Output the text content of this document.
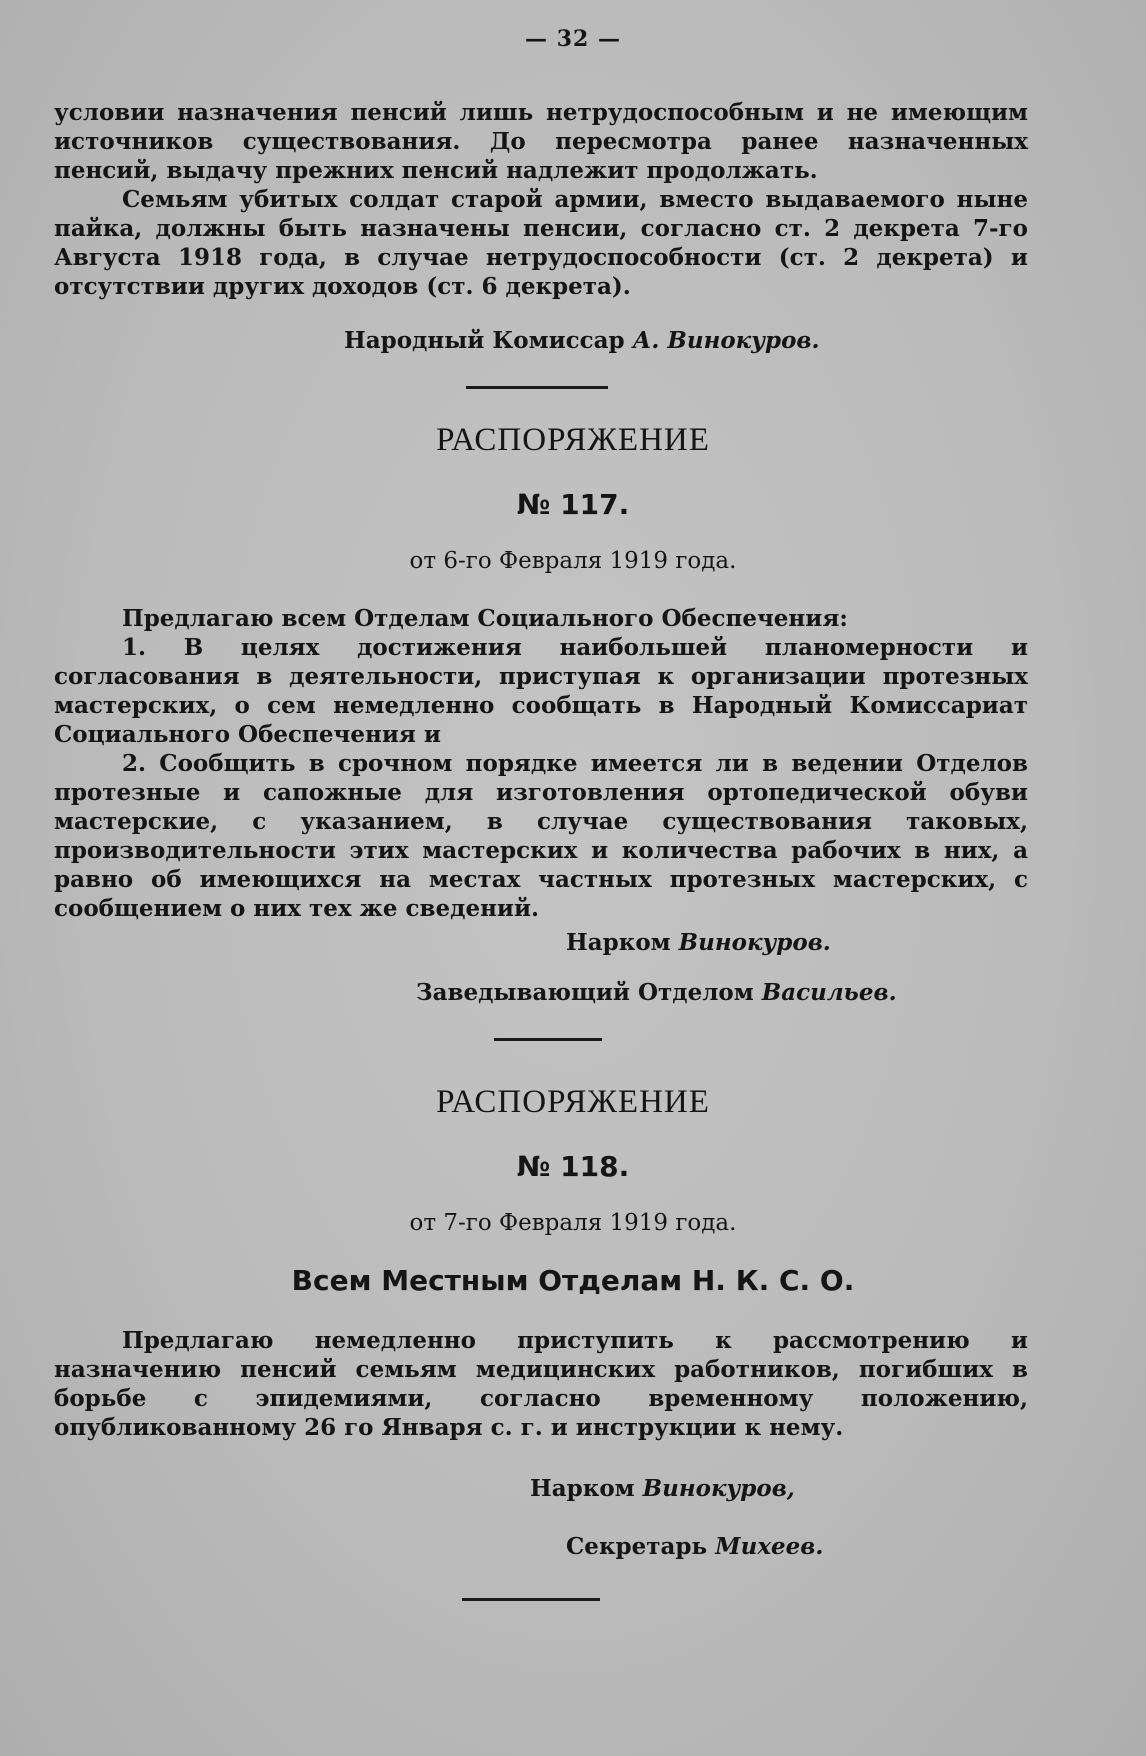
— 32 —

условии назначения пенсий лишь нетрудоспособным и не имеющим источников существования. До пересмотра ранее назначенных пенсий, выдачу прежних пенсий надлежит продолжать.

Семьям убитых солдат старой армии, вместо выдаваемого ныне пайка, должны быть назначены пенсии, согласно ст. 2 декрета 7-го Августа 1918 года, в случае нетрудоспособности (ст. 2 декрета) и отсутствии других доходов (ст. 6 декрета).

Народный Комиссар А. Винокуров.
РАСПОРЯЖЕНИЕ
№ 117.
от 6-го Февраля 1919 года.

Предлагаю всем Отделам Социального Обеспечения:

1. В целях достижения наибольшей планомерности и согласования в деятельности, приступая к организации протезных мастерских, о сем немедленно сообщать в Народный Комиссариат Социального Обеспечения и

2. Сообщить в срочном порядке имеется ли в ведении Отделов протезные и сапожные для изготовления ортопедической обуви мастерские, с указанием, в случае существования таковых, производительности этих мастерских и количества рабочих в них, а равно об имеющихся на местах частных протезных мастерских, с сообщением о них тех же сведений.

Нарком Винокуров.
Заведывающий Отделом Васильев.
РАСПОРЯЖЕНИЕ
№ 118.
от 7-го Февраля 1919 года.
Всем Местным Отделам Н. К. С. О.

Предлагаю немедленно приступить к рассмотрению и назначению пенсий семьям медицинских работников, погибших в борьбе с эпидемиями, согласно временному положению, опубликованному 26 го Января с. г. и инструкции к нему.

Нарком Винокуров,
Секретарь Михеев.
